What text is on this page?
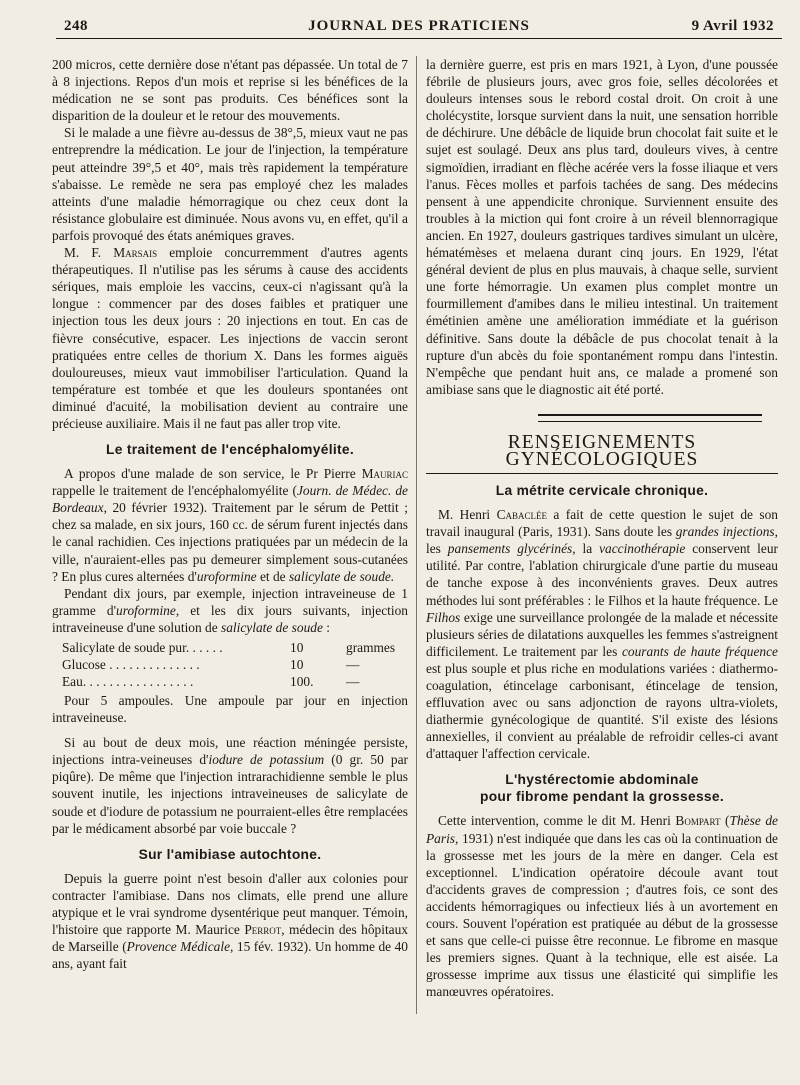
248	JOURNAL DES PRATICIENS	9 Avril 1932

200 micros, cette dernière dose n'étant pas dépassée. Un total de 7 à 8 injections. Repos d'un mois et reprise si les bénéfices de la médication ne se sont pas produits. Ces bénéfices sont la disparition de la douleur et le retour des mouvements.

Si le malade a une fièvre au-dessus de 38°,5, mieux vaut ne pas entreprendre la médication. Le jour de l'injection, la température peut atteindre 39°,5 et 40°, mais très rapidement la température s'abaisse. Le remède ne sera pas employé chez les malades atteints d'une maladie hémorragique ou chez ceux dont la résistance globulaire est diminuée. Nous avons vu, en effet, qu'il a parfois provoqué des états anémiques graves.

M. F. Marsais emploie concurremment d'autres agents thérapeutiques. Il n'utilise pas les sérums à cause des accidents sériques, mais emploie les vaccins, ceux-ci n'agissant qu'à la longue : commencer par des doses faibles et pratiquer une injection tous les deux jours : 20 injections en tout. En cas de fièvre consécutive, espacer. Les injections de vaccin seront pratiquées entre celles de thorium X. Dans les formes aiguës douloureuses, mieux vaut immobiliser l'articulation. Quand la température est tombée et que les douleurs spontanées ont diminué d'acuité, la mobilisation devient au contraire une précieuse auxiliaire. Mais il ne faut pas aller trop vite.

Le traitement de l'encéphalomyélite.

A propos d'une malade de son service, le Pr Pierre Mauriac rappelle le traitement de l'encéphalomyélite (Journ. de Médec. de Bordeaux, 20 février 1932). Traitement par le sérum de Pettit ; chez sa malade, en six jours, 160 cc. de sérum furent injectés dans le canal rachidien. Ces injections pratiquées par un médecin de la ville, n'auraient-elles pas pu demeurer simplement sous-cutanées ? En plus cures alternées d'uroformine et de salicylate de soude.

Pendant dix jours, par exemple, injection intraveineuse de 1 gramme d'uroformine, et les dix jours suivants, injection intraveineuse d'une solution de salicylate de soude :

Salicylate de soude pur. . . . . .	10	grammes
Glucose . . . . . . . . . . . . . .	10	—
Eau. . . . . . . . . . . . . . . . .	100.	—

Pour 5 ampoules. Une ampoule par jour en injection intraveineuse.

Si au bout de deux mois, une réaction méningée persiste, injections intra-veineuses d'iodure de potassium (0 gr. 50 par piqûre). De même que l'injection intrarachidienne semble le plus souvent inutile, les injections intraveineuses de salicylate de soude et d'iodure de potassium ne pourraient-elles être remplacées par le médicament absorbé par voie buccale ?

Sur l'amibiase autochtone.

Depuis la guerre point n'est besoin d'aller aux colonies pour contracter l'amibiase. Dans nos climats, elle prend une allure atypique et le vrai syndrome dysentérique peut manquer. Témoin, l'histoire que rapporte M. Maurice Perrot, médecin des hôpitaux de Marseille (Provence Médicale, 15 fév. 1932). Un homme de 40 ans, ayant fait

la dernière guerre, est pris en mars 1921, à Lyon, d'une poussée fébrile de plusieurs jours, avec gros foie, selles décolorées et douleurs intenses sous le rebord costal droit. On croit à une cholécystite, lorsque survient dans la nuit, une sensation horrible de déchirure. Une débâcle de liquide brun chocolat fait suite et le sujet est soulagé. Deux ans plus tard, douleurs vives, à centre sigmoïdien, irradiant en flèche acérée vers la fosse iliaque et vers l'anus. Fèces molles et parfois tachées de sang. Des médecins pensent à une appendicite chronique. Surviennent ensuite des troubles à la miction qui font croire à un réveil blennorragique ancien. En 1927, douleurs gastriques tardives simulant un ulcère, hématémèses et melaena durant cinq jours. En 1929, l'état général devient de plus en plus mauvais, à chaque selle, survient une forte hémorragie. Un examen plus complet montre un fourmillement d'amibes dans le milieu intestinal. Un traitement émétinien amène une amélioration immédiate et la guérison définitive. Sans doute la débâcle de pus chocolat tenait à la rupture d'un abcès du foie spontanément rompu dans l'intestin. N'empêche que pendant huit ans, ce malade a promené son amibiase sans que le diagnostic ait été porté.

RENSEIGNEMENTS GYNÉCOLOGIQUES
La métrite cervicale chronique.

M. Henri Cabaclée a fait de cette question le sujet de son travail inaugural (Paris, 1931). Sans doute les grandes injections, les pansements glycérinés, la vaccinothérapie conservent leur utilité. Par contre, l'ablation chirurgicale d'une partie du museau de tanche expose à des inconvénients graves. Deux autres méthodes lui sont préférables : le Filhos et la haute fréquence. Le Filhos exige une surveillance prolongée de la malade et nécessite plusieurs séries de dilatations auxquelles les femmes s'astreignent difficilement. Le traitement par les courants de haute fréquence est plus souple et plus riche en modulations variées : diathermo-coagulation, étincelage carbonisant, étincelage de tension, effluvation avec ou sans adjonction de rayons ultra-violets, diathermie gynécologique de quantité. S'il existe des lésions annexielles, il convient au préalable de refroidir celles-ci avant d'attaquer l'affection cervicale.

L'hystérectomie abdominale
pour fibrome pendant la grossesse.

Cette intervention, comme le dit M. Henri Bompart (Thèse de Paris, 1931) n'est indiquée que dans les cas où la continuation de la grossesse met les jours de la mère en danger. Cela est exceptionnel. L'indication opératoire découle avant tout d'accidents graves de compression ; d'autres fois, ce sont des accidents hémorragiques ou infectieux liés à un avortement en cours. Souvent l'opération est pratiquée au début de la grossesse et sans que celle-ci puisse être reconnue. Le fibrome en masque les premiers signes. Quant à la technique, elle est aisée. La grossesse imprime aux tissus une élasticité qui simplifie les manœuvres opératoires.
